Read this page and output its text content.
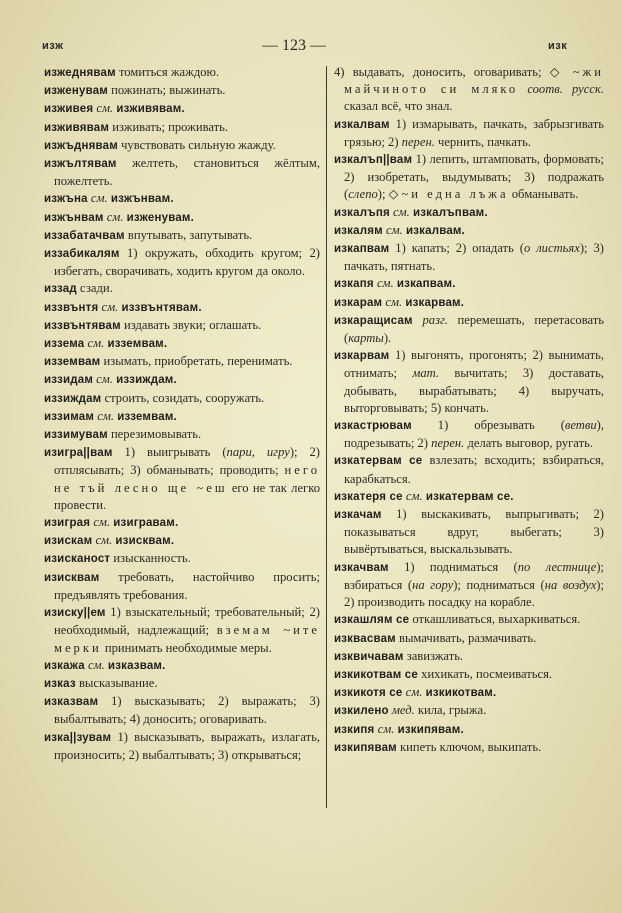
изж	— 123 —	изк

изжеднявам томиться жаждою.

изженувам пожинать; выжинать.

изживея см. изживявам.

изживявам изживать; проживать.

изжъднявам чувствовать сильную жажду.

изжълтявам желтеть, становиться жёлтым, пожелтеть.

изжъна см. изжънвам.

изжънвам см. изженувам.

иззабатачвам впутывать, запутывать.

иззабикалям 1) окружать, обходить кругом; 2) избегать, сворачивать, ходить кругом да около.

иззад сзади.

иззвънтя см. иззвънтявам.

иззвънтявам издавать звуки; оглашать.

иззема см. изземвам.

изземвам изымать, приобретать, перенимать.

иззидам см. иззиждам.

иззиждам строить, созидать, сооружать.

иззимам см. изземвам.

иззимувам перезимовывать.

изигра||вам 1) выигрывать (пари, игру); 2) отплясывать; 3) обманывать; проводить; него не тъй лесно ще ~еш его не так легко провести.

изиграя см. изигравам.

изискам см. изисквам.

изисканост изысканность.

изисквам требовать, настойчиво просить; предъявлять требования.

изиску||ем 1) взыскательный; требовательный; 2) необходимый, надлежащий; вземам ~ите мерки принимать необходимые меры.

изкажа см. изказвам.

изказ высказывание.

изказвам 1) высказывать; 2) выражать; 3) выбалтывать; 4) доносить; оговаривать.

изка||зувам 1) высказывать, выражать, излагать, произносить; 2) выбалтывать; 3) открываться;

4) выдавать, доносить, оговаривать; ◇ ~жи майчиното си мляко соотв. русск. сказал всё, что знал.

изкалвам 1) измарывать, пачкать, забрызгивать грязью; 2) перен. чернить, пачкать.

изкалъп||вам 1) лепить, штамповать, формовать; 2) изобретать, выдумывать; 3) подражать (слепо); ◇ ~и една лъжа обманывать.

изкалъпя см. изкалъпвам.

изкалям см. изкалвам.

изкапвам 1) капать; 2) опадать (о листьях); 3) пачкать, пятнать.

изкапя см. изкапвам.

изкарам см. изкарвам.

изкаращисам разг. перемешать, перетасовать (карты).

изкарвам 1) выгонять, прогонять; 2) вынимать, отнимать; мат. вычитать; 3) доставать, добывать, вырабатывать; 4) выручать, выторговывать; 5) кончать.

изкастрювам 1) обрезывать (ветви), подрезывать; 2) перен. делать выговор, ругать.

изкатервам се взлезать; всходить; взбираться, карабкаться.

изкатеря се см. изкатервам се.

изкачам 1) выскакивать, выпрыгивать; 2) показываться вдруг, выбегать; 3) вывёртываться, выскальзывать.

изкачвам 1) подниматься (по лестнице); взбираться (на гору); подниматься (на воздух); 2) производить посадку на корабле.

изкашлям се откашливаться, выхаркиваться.

изквасвам вымачивать, размачивать.

изквичавам завизжать.

изкикотвам се хихикать, посмеиваться.

изкикотя се см. изкикотвам.

изкилено мед. кила, грыжа.

изкипя см. изкипявам.

изкипявам кипеть ключом, выкипать.
